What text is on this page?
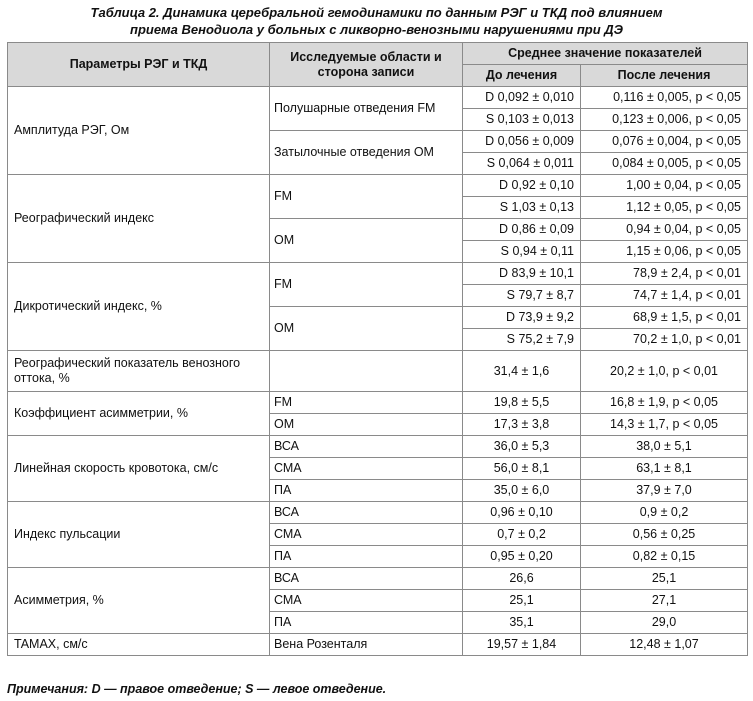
Таблица 2. Динамика церебральной гемодинамики по данным РЭГ и ТКД под влиянием
приема Венодиола у больных с ликворно-венозными нарушениями при ДЭ
Параметры РЭГ и ТКД	Исследуемые области и сторона записи	Среднее значение показателей	
		До лечения	После лечения
Амплитуда РЭГ, Ом	Полушарные отведения FM	D 0,092 ± 0,010	0,116 ± 0,005, p < 0,05
		S 0,103 ± 0,013	0,123 ± 0,006, p < 0,05
	Затылочные отведения ОМ	D 0,056 ± 0,009	0,076 ± 0,004, p < 0,05
		S 0,064 ± 0,011	0,084 ± 0,005, p < 0,05
Реографический индекс	FM	D 0,92 ± 0,10	1,00 ± 0,04, p < 0,05
		S 1,03 ± 0,13	1,12 ± 0,05, p < 0,05
	ОМ	D 0,86 ± 0,09	0,94 ± 0,04, p < 0,05
		S 0,94 ± 0,11	1,15 ± 0,06, p < 0,05
Дикротический индекс, %	FM	D 83,9 ± 10,1	78,9 ± 2,4, p < 0,01
		S 79,7 ± 8,7	74,7 ± 1,4, p < 0,01
	ОМ	D 73,9 ± 9,2	68,9 ± 1,5, p < 0,01
		S 75,2 ± 7,9	70,2 ± 1,0, p < 0,01
Реографический показатель венозного оттока, %		31,4 ± 1,6	20,2 ± 1,0, p < 0,01
Коэффициент асимметрии, %	FM	19,8 ± 5,5	16,8 ± 1,9, p < 0,05
	ОМ	17,3 ± 3,8	14,3 ± 1,7, p < 0,05
Линейная скорость кровотока, см/с	ВСА	36,0 ± 5,3	38,0 ± 5,1
	СМА	56,0 ± 8,1	63,1 ± 8,1
	ПА	35,0 ± 6,0	37,9 ± 7,0
Индекс пульсации	ВСА	0,96 ± 0,10	0,9 ± 0,2
	СМА	0,7 ± 0,2	0,56 ± 0,25
	ПА	0,95 ± 0,20	0,82 ± 0,15
Асимметрия, %	ВСА	26,6	25,1
	СМА	25,1	27,1
	ПА	35,1	29,0
TAMAX, см/с	Вена Розенталя	19,57 ± 1,84	12,48 ± 1,07
Примечания: D — правое отведение; S — левое отведение.
